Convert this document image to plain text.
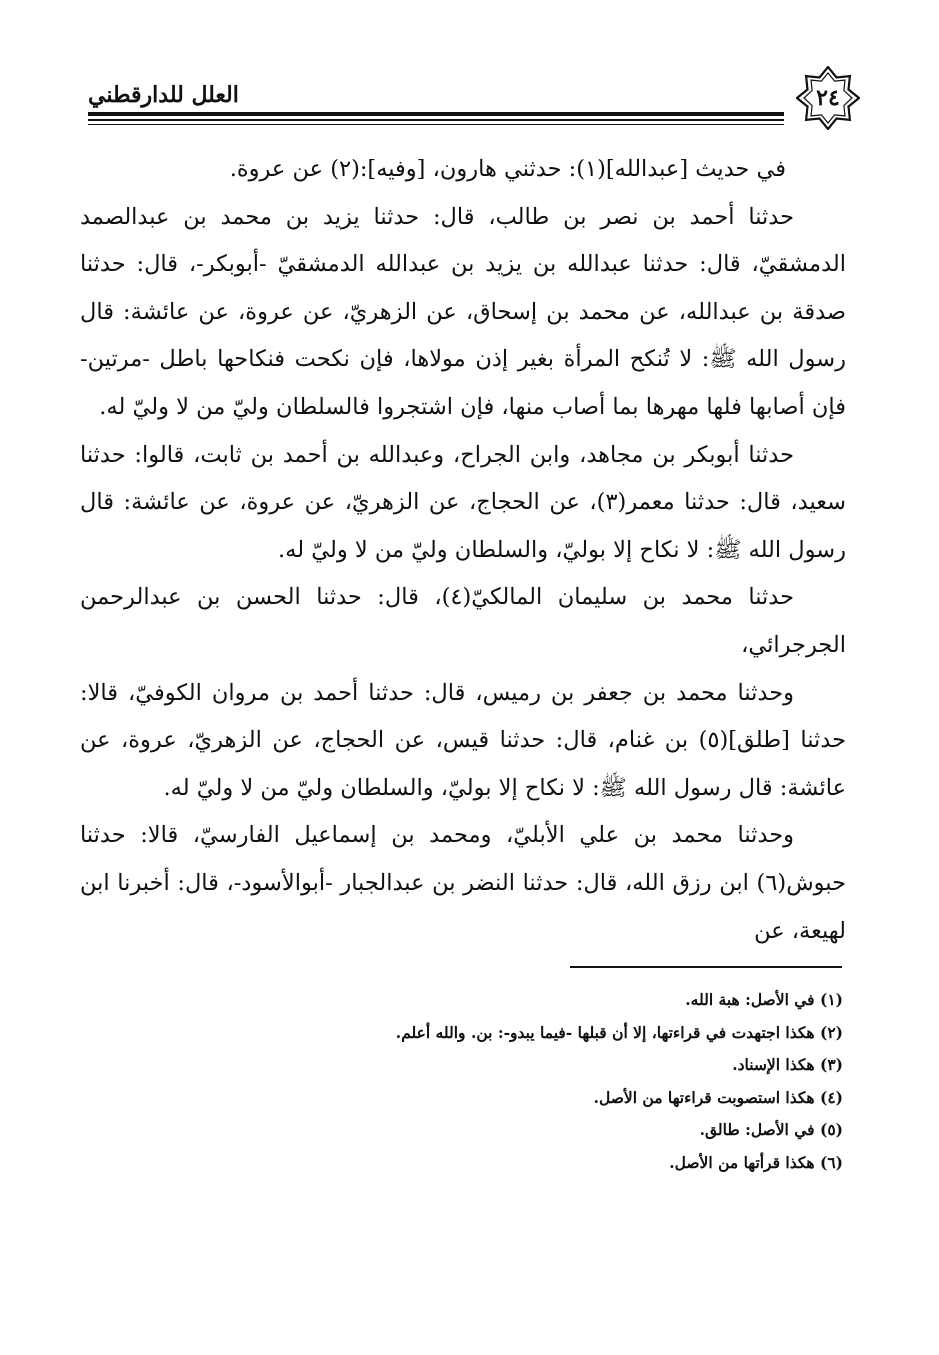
٢٤
العلل للدارقطني

في حديث [عبدالله](١): حدثني هارون، [وفيه]:(٢) عن عروة.

حدثنا أحمد بن نصر بن طالب، قال: حدثنا يزيد بن محمد بن عبدالصمد الدمشقيّ، قال: حدثنا عبدالله بن يزيد بن عبدالله الدمشقيّ -أبوبكر-، قال: حدثنا صدقة بن عبدالله، عن محمد بن إسحاق، عن الزهريّ، عن عروة، عن عائشة: قال رسول الله ﷺ: لا تُنكح المرأة بغير إذن مولاها، فإن نكحت فنكاحها باطل -مرتين- فإن أصابها فلها مهرها بما أصاب منها، فإن اشتجروا فالسلطان وليّ من لا وليّ له.

حدثنا أبوبكر بن مجاهد، وابن الجراح، وعبدالله بن أحمد بن ثابت، قالوا: حدثنا سعيد، قال: حدثنا معمر(٣)، عن الحجاج، عن الزهريّ، عن عروة، عن عائشة: قال رسول الله ﷺ: لا نكاح إلا بوليّ، والسلطان وليّ من لا وليّ له.

حدثنا محمد بن سليمان المالكيّ(٤)، قال: حدثنا الحسن بن عبدالرحمن الجرجرائي،

وحدثنا محمد بن جعفر بن رميس، قال: حدثنا أحمد بن مروان الكوفيّ، قالا: حدثنا [طلق](٥) بن غنام، قال: حدثنا قيس، عن الحجاج، عن الزهريّ، عروة، عن عائشة: قال رسول الله ﷺ: لا نكاح إلا بوليّ، والسلطان وليّ من لا وليّ له.

وحدثنا محمد بن علي الأبليّ، ومحمد بن إسماعيل الفارسيّ، قالا: حدثنا حبوش(٦) ابن رزق الله، قال: حدثنا النضر بن عبدالجبار -أبوالأسود-، قال: أخبرنا ابن لهيعة، عن

(١) في الأصل: هبة الله.
(٢) هكذا اجتهدت في قراءتها، إلا أن قبلها -فيما يبدو-: بن. والله أعلم.
(٣) هكذا الإسناد.
(٤) هكذا استصوبت قراءتها من الأصل.
(٥) في الأصل: طالق.
(٦) هكذا قرأتها من الأصل.
